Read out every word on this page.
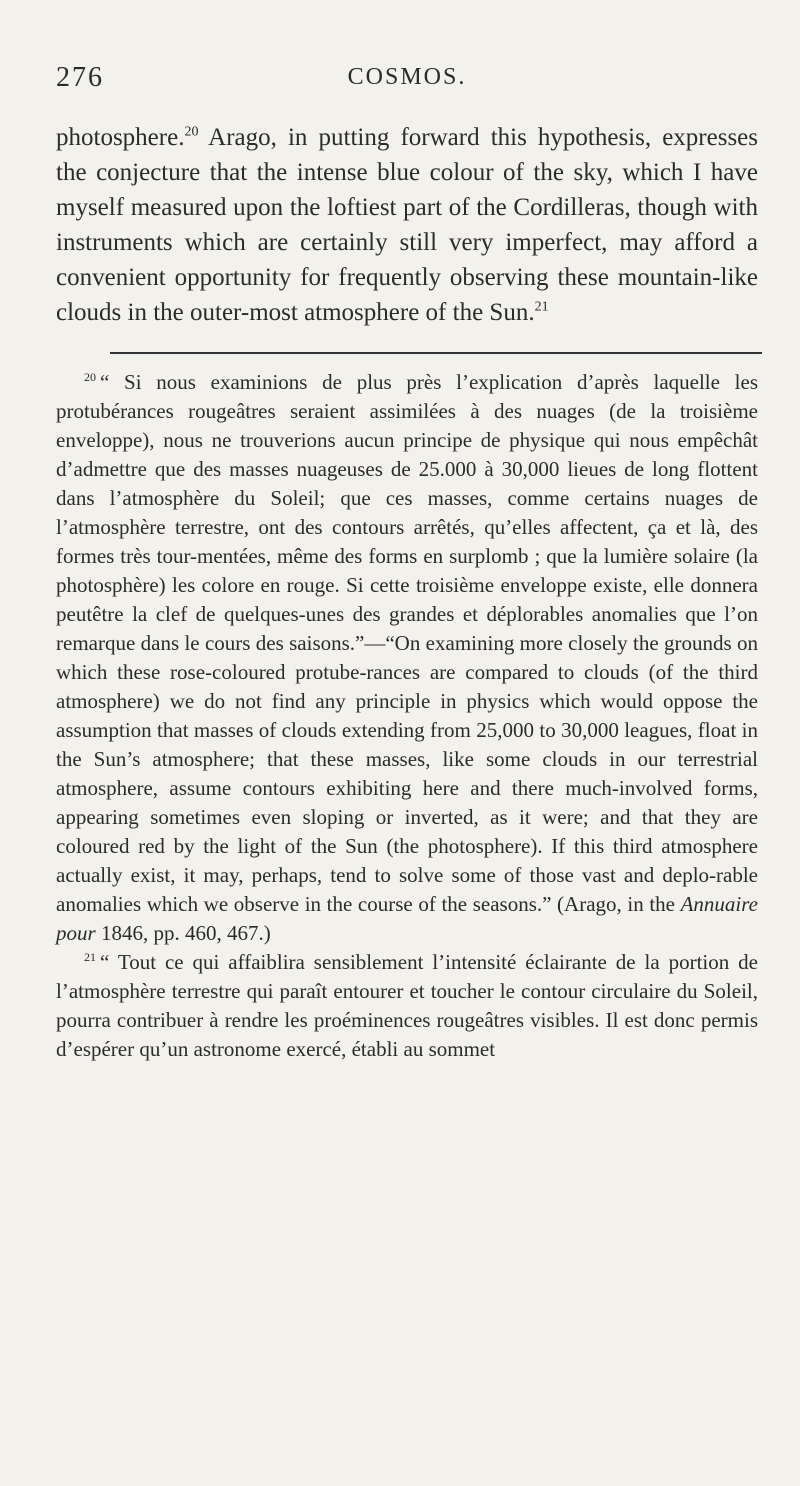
276	COSMOS.

photosphere.$^{20}$ Arago, in putting forward this hypothesis, expresses the conjecture that the intense blue colour of the sky, which I have myself measured upon the loftiest part of the Cordilleras, though with instruments which are certainly still very imperfect, may afford a convenient opportunity for frequently observing these mountain-like clouds in the outer-most atmosphere of the Sun.$^{21}$

$^{20}$ “ Si nous examinions de plus près l’explication d’après laquelle les protubérances rougeâtres seraient assimilées à des nuages (de la troisième enveloppe), nous ne trouverions aucun principe de physique qui nous empêchât d’admettre que des masses nuageuses de 25.000 à 30,000 lieues de long flottent dans l’atmosphère du Soleil; que ces masses, comme certains nuages de l’atmosphère terrestre, ont des contours arrêtés, qu’elles affectent, ça et là, des formes très tour-mentées, même des forms en surplomb ; que la lumière solaire (la photosphère) les colore en rouge. Si cette troisième enveloppe existe, elle donnera peutêtre la clef de quelques-unes des grandes et déplorables anomalies que l’on remarque dans le cours des saisons.”—“On examining more closely the grounds on which these rose-coloured protube-rances are compared to clouds (of the third atmosphere) we do not find any principle in physics which would oppose the assumption that masses of clouds extending from 25,000 to 30,000 leagues, float in the Sun’s atmosphere; that these masses, like some clouds in our terrestrial atmosphere, assume contours exhibiting here and there much-involved forms, appearing sometimes even sloping or inverted, as it were; and that they are coloured red by the light of the Sun (the photosphere). If this third atmosphere actually exist, it may, perhaps, tend to solve some of those vast and deplo-rable anomalies which we observe in the course of the seasons.” (Arago, in the Annuaire pour 1846, pp. 460, 467.)

$^{21}$ “ Tout ce qui affaiblira sensiblement l’intensité éclairante de la portion de l’atmosphère terrestre qui paraît entourer et toucher le contour circulaire du Soleil, pourra contribuer à rendre les proéminences rougeâtres visibles. Il est donc permis d’espérer qu’un astronome exercé, établi au sommet
